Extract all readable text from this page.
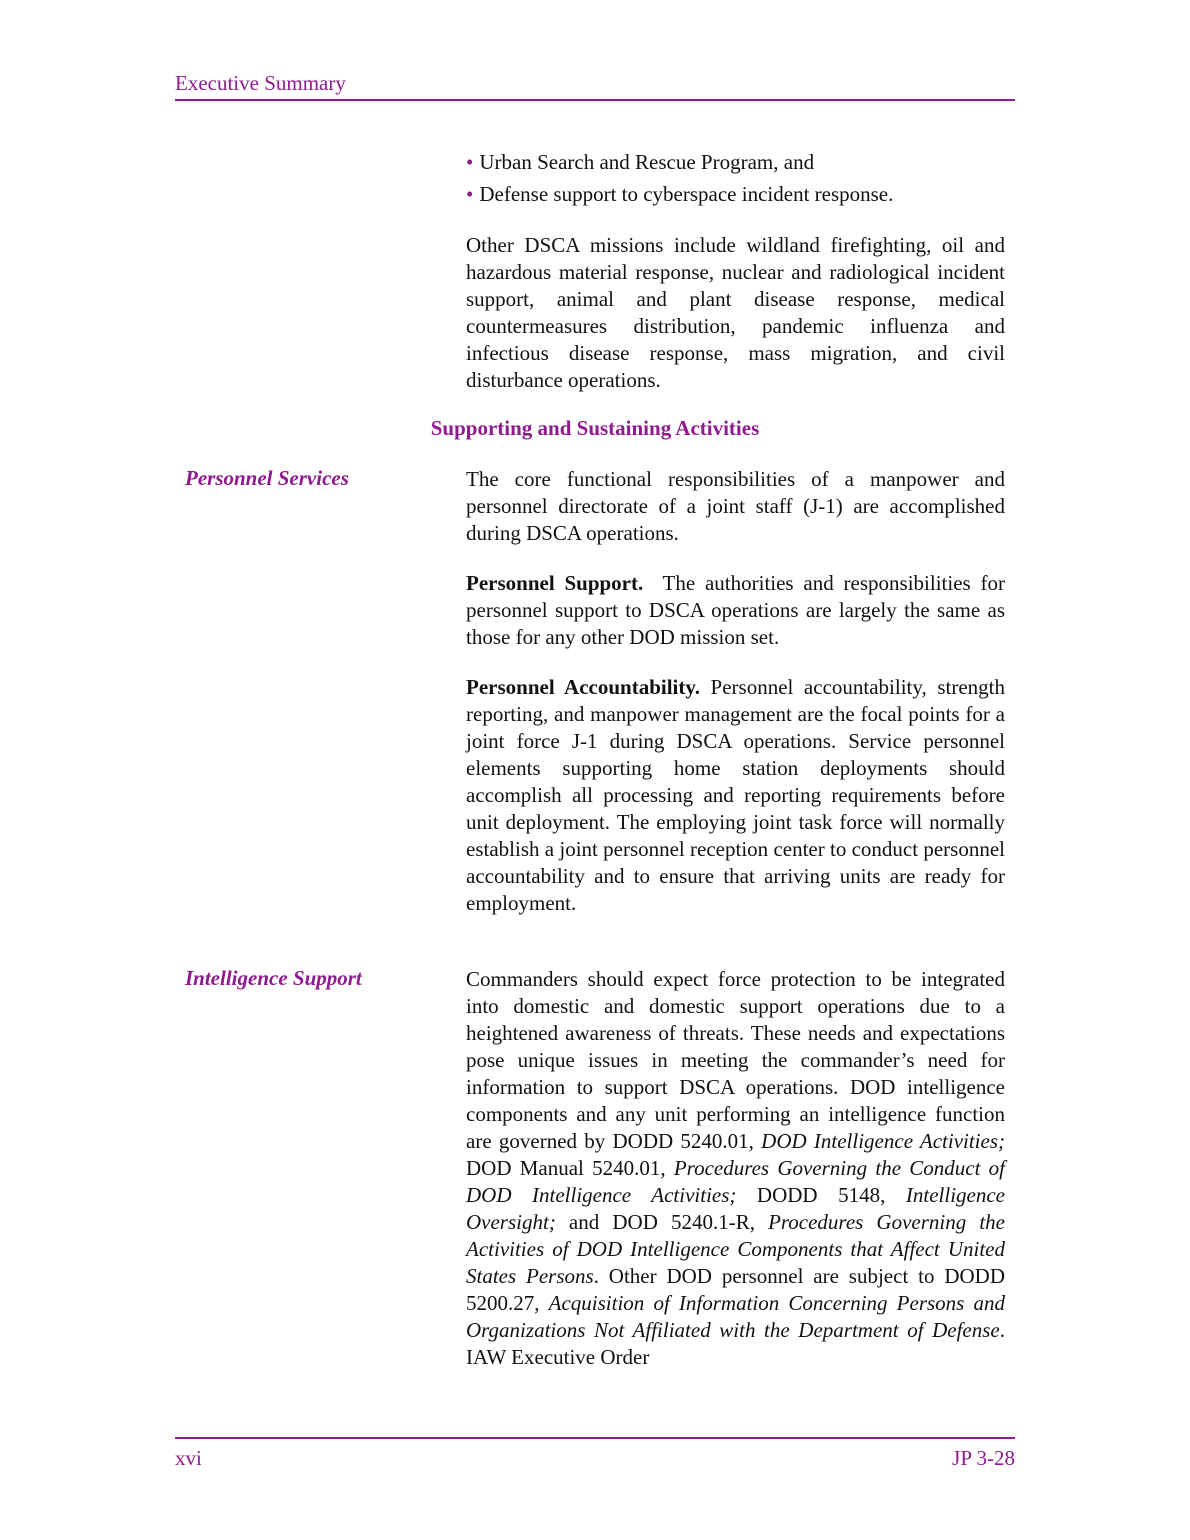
Executive Summary
• Urban Search and Rescue Program, and
• Defense support to cyberspace incident response.
Other DSCA missions include wildland firefighting, oil and hazardous material response, nuclear and radiological incident support, animal and plant disease response, medical countermeasures distribution, pandemic influenza and infectious disease response, mass migration, and civil disturbance operations.
Supporting and Sustaining Activities
Personnel Services	The core functional responsibilities of a manpower and personnel directorate of a joint staff (J-1) are accomplished during DSCA operations.
Personnel Support. The authorities and responsibilities for personnel support to DSCA operations are largely the same as those for any other DOD mission set.
Personnel Accountability. Personnel accountability, strength reporting, and manpower management are the focal points for a joint force J-1 during DSCA operations. Service personnel elements supporting home station deployments should accomplish all processing and reporting requirements before unit deployment. The employing joint task force will normally establish a joint personnel reception center to conduct personnel accountability and to ensure that arriving units are ready for employment.
Intelligence Support	Commanders should expect force protection to be integrated into domestic and domestic support operations due to a heightened awareness of threats. These needs and expectations pose unique issues in meeting the commander’s need for information to support DSCA operations. DOD intelligence components and any unit performing an intelligence function are governed by DODD 5240.01, DOD Intelligence Activities; DOD Manual 5240.01, Procedures Governing the Conduct of DOD Intelligence Activities; DODD 5148, Intelligence Oversight; and DOD 5240.1-R, Procedures Governing the Activities of DOD Intelligence Components that Affect United States Persons. Other DOD personnel are subject to DODD 5200.27, Acquisition of Information Concerning Persons and Organizations Not Affiliated with the Department of Defense. IAW Executive Order
xvi	JP 3-28
